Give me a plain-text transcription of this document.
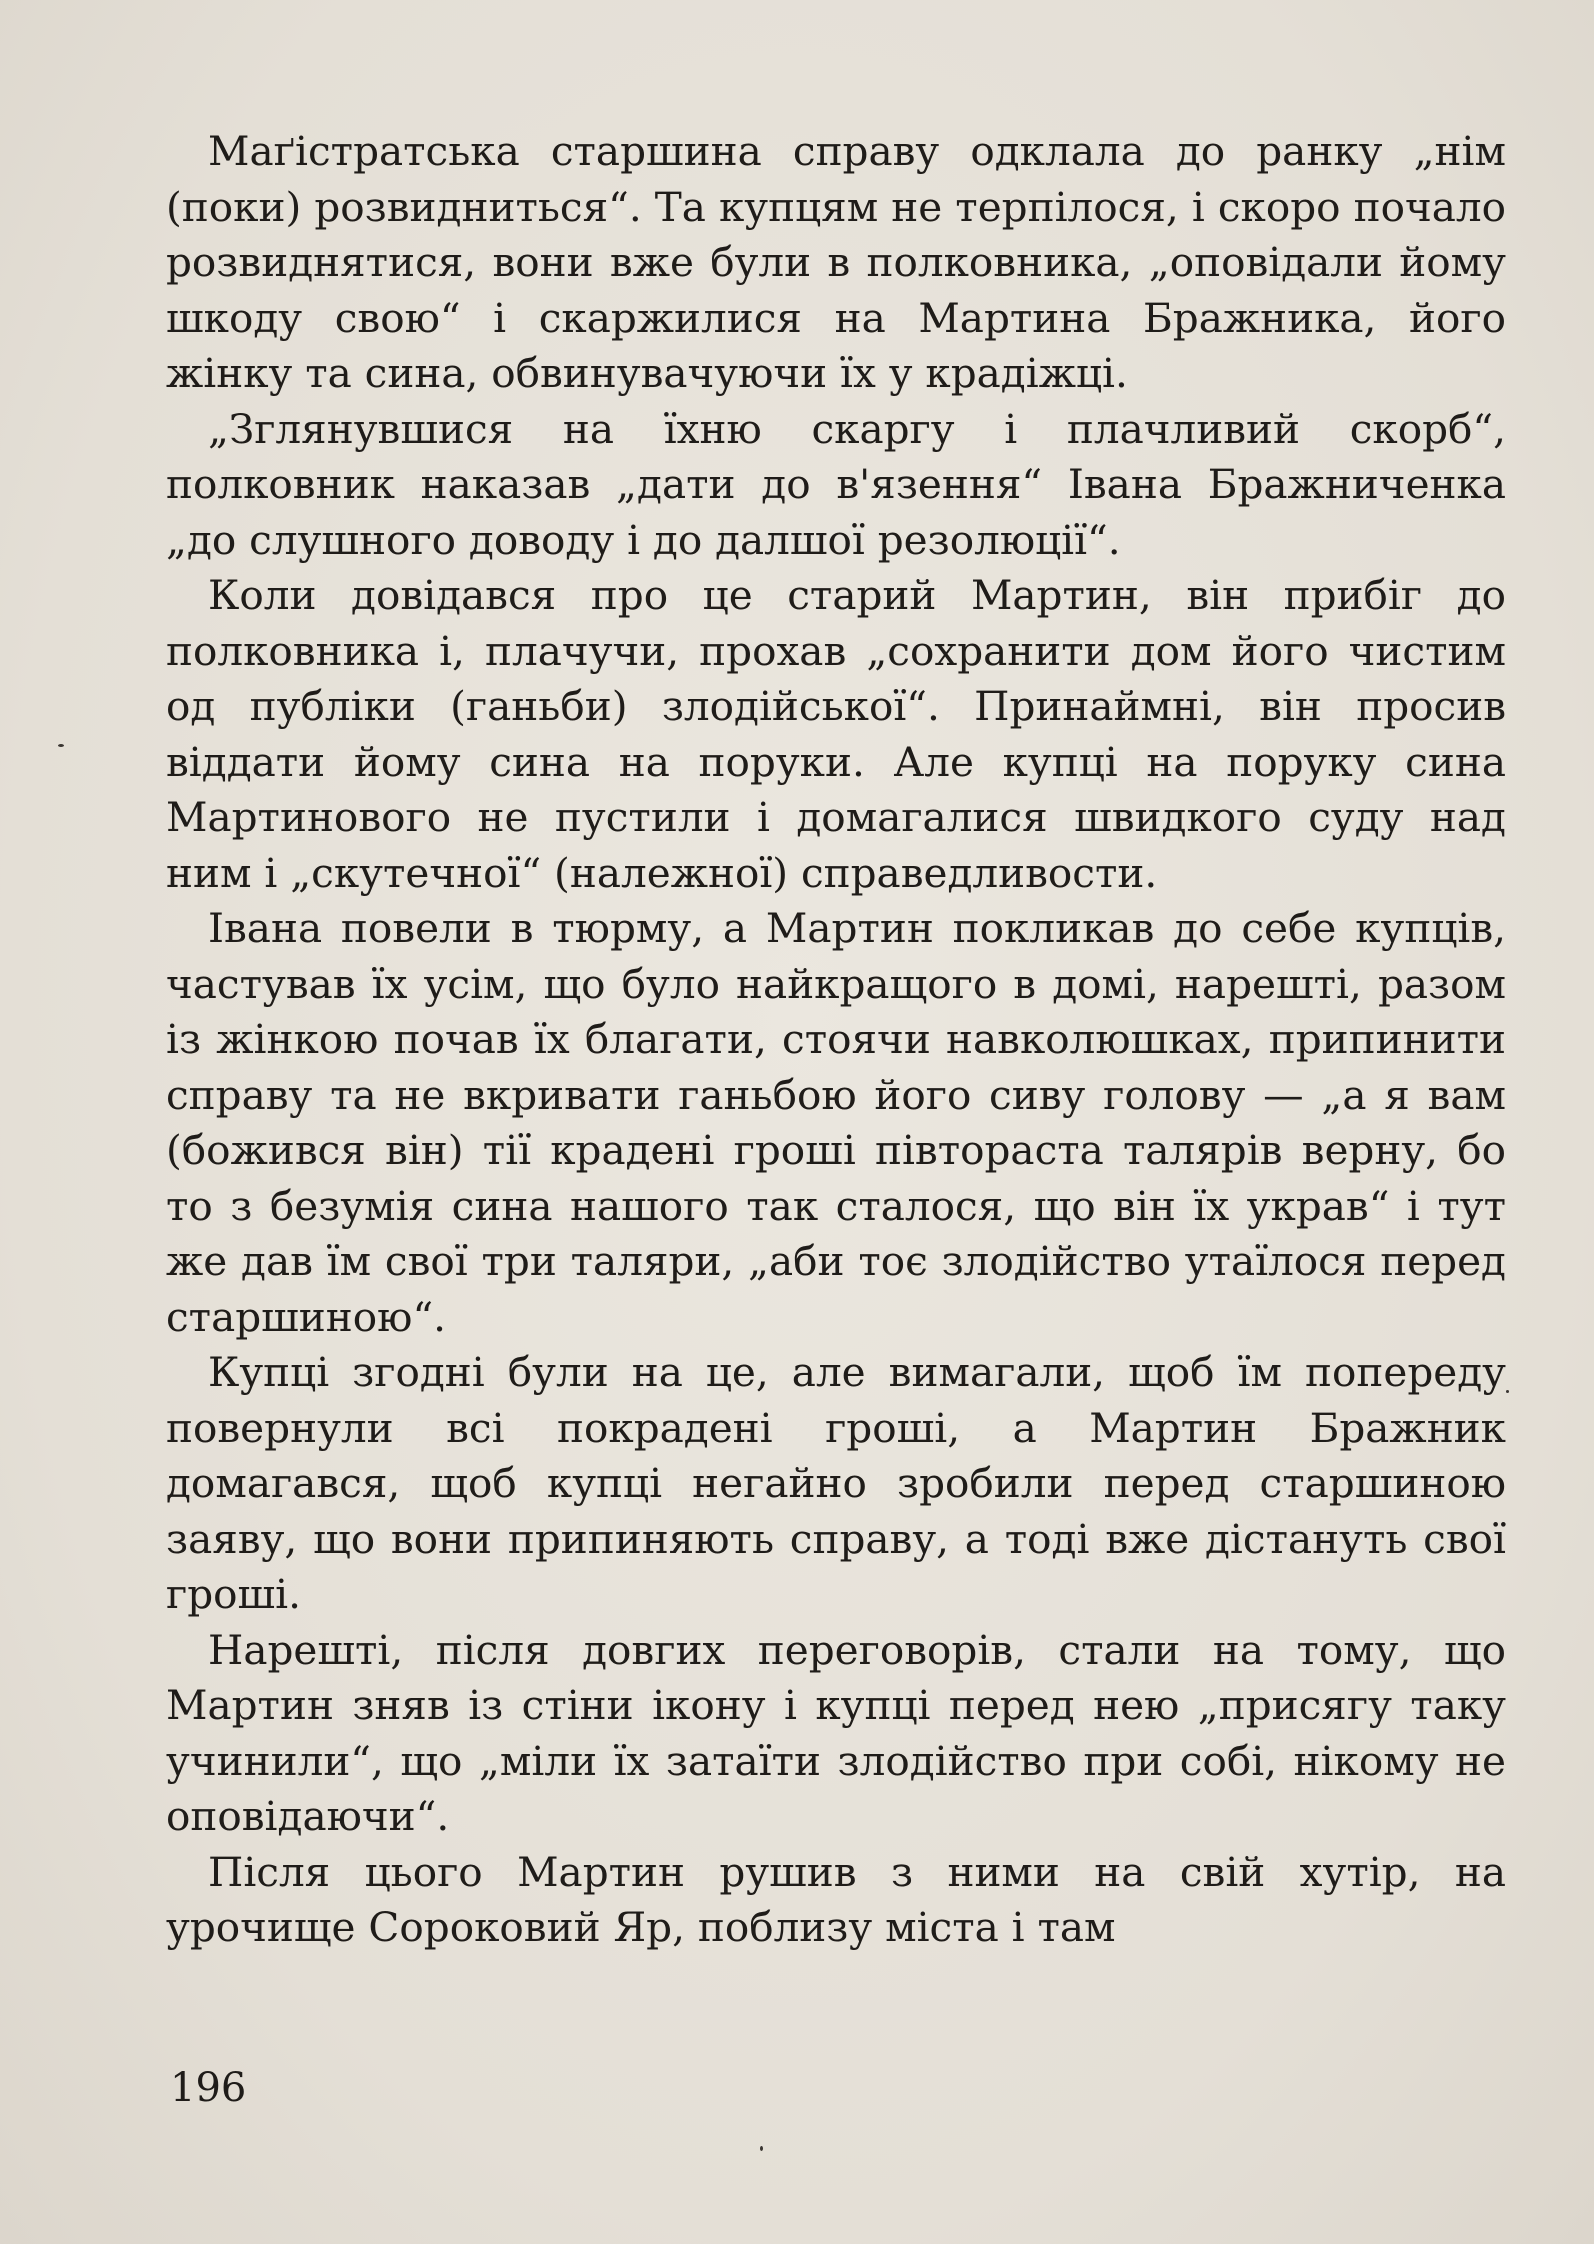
Маґістратська старшина справу одклала до ранку „нім (поки) розвидниться“. Та купцям не терпілося, і скоро почало розвиднятися, вони вже були в полковника, „оповідали йому шкоду свою“ і скаржилися на Мартина Бражника, його жінку та сина, обвинувачуючи їх у крадіжці.

„Зглянувшися на їхню скаргу і плачливий скорб“, полковник наказав „дати до в'язення“ Івана Бражниченка „до слушного доводу і до далшої резолюції“.

Коли довідався про це старий Мартин, він прибіг до полковника і, плачучи, прохав „сохранити дом його чистим од публіки (ганьби) злодійської“. Принаймні, він просив віддати йому сина на поруки. Але купці на поруку сина Мартинового не пустили і домагалися швидкого суду над ним і „скутечної“ (належної) справедливости.

Івана повели в тюрму, а Мартин покликав до себе купців, частував їх усім, що було найкращого в домі, нарешті, разом із жінкою почав їх благати, стоячи навколюшках, припинити справу та не вкривати ганьбою його сиву голову — „а я вам (божився він) тії крадені гроші півтораста талярів верну, бо то з безумія сина нашого так сталося, що він їх украв“ і тут же дав їм свої три таляри, „аби тоє злодійство утаїлося перед старшиною“.

Купці згодні були на це, але вимагали, щоб їм попереду повернули всі покрадені гроші, а Мартин Бражник домагався, щоб купці негайно зробили перед старшиною заяву, що вони припиняють справу, а тоді вже дістануть свої гроші.

Нарешті, після довгих переговорів, стали на тому, що Мартин зняв із стіни ікону і купці перед нею „присягу таку учинили“, що „міли їх затаїти злодійство при собі, нікому не оповідаючи“.

Після цього Мартин рушив з ними на свій хутір, на урочище Сороковий Яр, поблизу міста і там

196
